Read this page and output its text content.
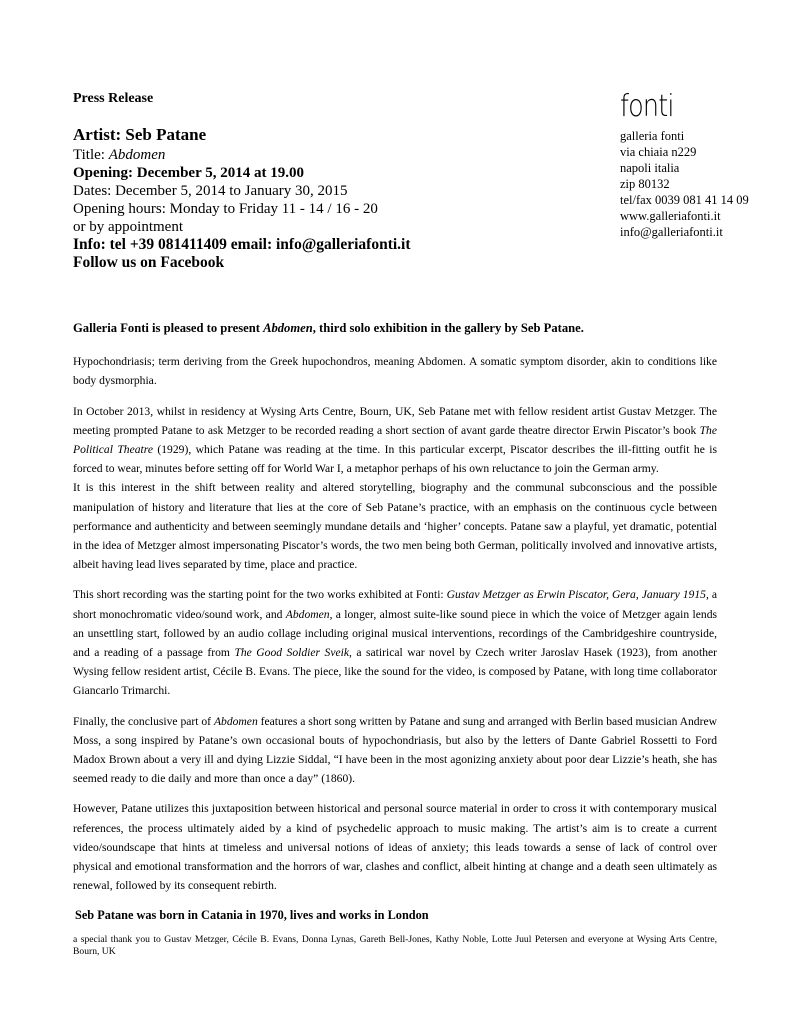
Press Release
Artist: Seb Patane
Title: Abdomen
Opening: December 5, 2014 at 19.00
Dates: December 5, 2014 to January 30, 2015
Opening hours: Monday to Friday 11 - 14 / 16 - 20
or by appointment
Info: tel +39 081411409 email: info@galleriafonti.it
Follow us on Facebook
fonti
galleria fonti
via chiaia n229
napoli italia
zip 80132
tel/fax 0039 081 41 14 09
www.galleriafonti.it
info@galleriafonti.it

Galleria Fonti is pleased to present Abdomen, third solo exhibition in the gallery by Seb Patane.

Hypochondriasis; term deriving from the Greek hupochondros, meaning Abdomen. A somatic symptom disorder, akin to conditions like body dysmorphia.

In October 2013, whilst in residency at Wysing Arts Centre, Bourn, UK, Seb Patane met with fellow resident artist Gustav Metzger. The meeting prompted Patane to ask Metzger to be recorded reading a short section of avant garde theatre director Erwin Piscator’s book The Political Theatre (1929), which Patane was reading at the time. In this particular excerpt, Piscator describes the ill-fitting outfit he is forced to wear, minutes before setting off for World War I, a metaphor perhaps of his own reluctance to join the German army.

It is this interest in the shift between reality and altered storytelling, biography and the communal subconscious and the possible manipulation of history and literature that lies at the core of Seb Patane’s practice, with an emphasis on the continuous cycle between performance and authenticity and between seemingly mundane details and ‘higher’ concepts. Patane saw a playful, yet dramatic, potential in the idea of Metzger almost impersonating Piscator’s words, the two men being both German, politically involved and innovative artists, albeit having lead lives separated by time, place and practice.

This short recording was the starting point for the two works exhibited at Fonti: Gustav Metzger as Erwin Piscator, Gera, January 1915, a short monochromatic video/sound work, and Abdomen, a longer, almost suite-like sound piece in which the voice of Metzger again lends an unsettling start, followed by an audio collage including original musical interventions, recordings of the Cambridgeshire countryside, and a reading of a passage from The Good Soldier Sveik, a satirical war novel by Czech writer Jaroslav Hasek (1923), from another Wysing fellow resident artist, Cécile B. Evans. The piece, like the sound for the video, is composed by Patane, with long time collaborator Giancarlo Trimarchi.

Finally, the conclusive part of Abdomen features a short song written by Patane and sung and arranged with Berlin based musician Andrew Moss, a song inspired by Patane’s own occasional bouts of hypochondriasis, but also by the letters of Dante Gabriel Rossetti to Ford Madox Brown about a very ill and dying Lizzie Siddal, “I have been in the most agonizing anxiety about poor dear Lizzie’s heath, she has seemed ready to die daily and more than once a day” (1860).

However, Patane utilizes this juxtaposition between historical and personal source material in order to cross it with contemporary musical references, the process ultimately aided by a kind of psychedelic approach to music making. The artist’s aim is to create a current video/soundscape that hints at timeless and universal notions of ideas of anxiety; this leads towards a sense of lack of control over physical and emotional transformation and the horrors of war, clashes and conflict, albeit hinting at change and a death seen ultimately as renewal, followed by its consequent rebirth.

Seb Patane was born in Catania in 1970, lives and works in London

a special thank you to Gustav Metzger, Cécile B. Evans, Donna Lynas, Gareth Bell-Jones, Kathy Noble, Lotte Juul Petersen and everyone at Wysing Arts Centre, Bourn, UK
